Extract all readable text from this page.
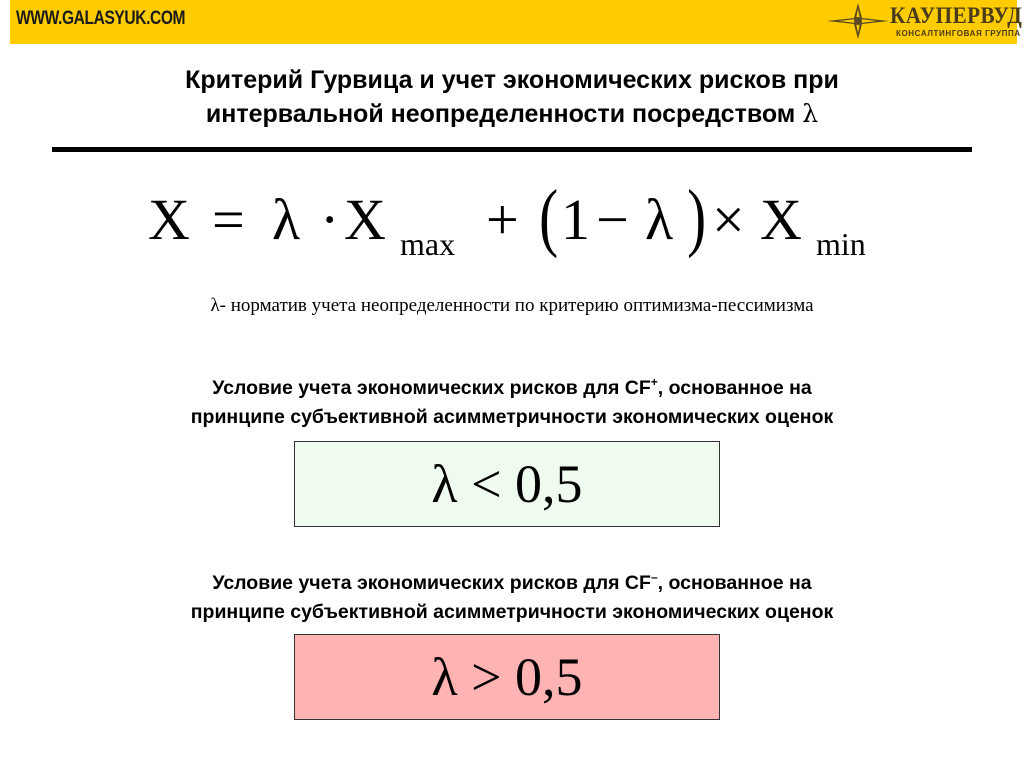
WWW.GALASYUK.COM	КАУПЕРВУД
КОНСАЛТИНГОВАЯ ГРУППА
Критерий Гурвица и учет экономических рисков при
интервальной неопределенности посредством λ
X = λ · X max + ( 1 − λ ) × X min
λ- норматив учета неопределенности по критерию оптимизма-пессимизма
Условие учета экономических рисков для CF+, основанное на
принципе субъективной асимметричности экономических оценок
λ < 0,5
Условие учета экономических рисков для CF–, основанное на
принципе субъективной асимметричности экономических оценок
λ > 0,5
